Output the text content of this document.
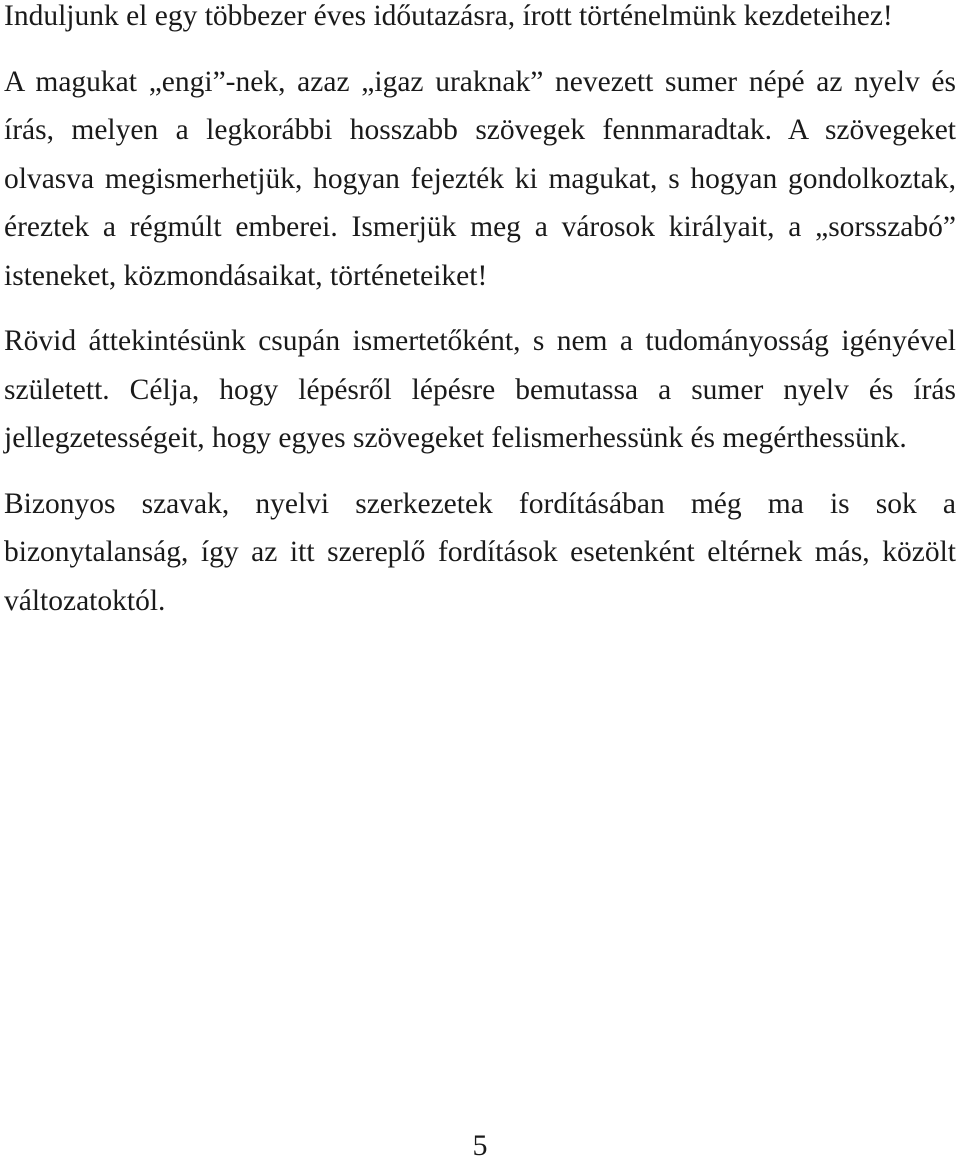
Induljunk el egy többezer éves időutazásra, írott történelmünk kezdeteihez!

A magukat „engi”-nek, azaz „igaz uraknak” nevezett sumer népé az nyelv és írás, melyen a legkorábbi hosszabb szövegek fennmaradtak. A szövegeket olvasva megismerhetjük, hogyan fejezték ki magukat, s hogyan gondolkoztak, éreztek a régmúlt emberei. Ismerjük meg a városok királyait, a „sorsszabó” isteneket, közmondásaikat, történeteiket!

Rövid áttekintésünk csupán ismertetőként, s nem a tudományosság igényével született. Célja, hogy lépésről lépésre bemutassa a sumer nyelv és írás jellegzetességeit, hogy egyes szövegeket felismerhessünk és megérthessünk.

Bizonyos szavak, nyelvi szerkezetek fordításában még ma is sok a bizonytalanság, így az itt szereplő fordítások esetenként eltérnek más, közölt változatoktól.

5
